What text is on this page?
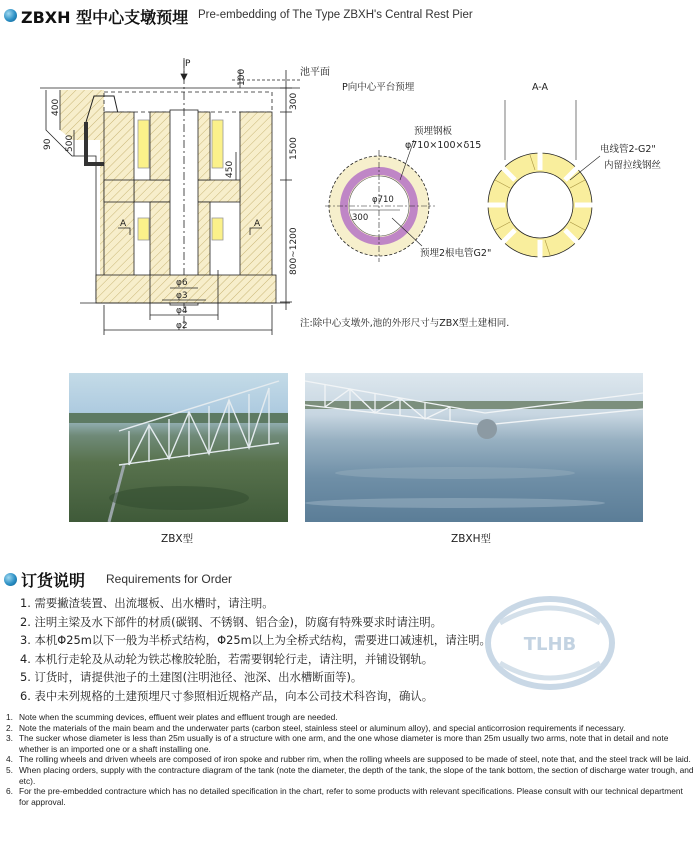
ZBXH 型中心支墩预埋 Pre-embedding of The Type ZBXH's Central Rest Pier
P
池平面
100
300
1500
450
800~1200
400
500
90
A	A
φ6
φ3
φ4
φ2
P向中心平台预埋
预埋钢板
φ710×100×δ15
φ710
300
预埋2根电管G2"
A-A
电线管2-G2"
内留拉线钢丝
注:除中心支墩外,池的外形尺寸与ZBX型土建相同.
ZBX型	ZBXH型
订货说明 Requirements for Order
TLHB
1. 需要撇渣装置、出流堰板、出水槽时，请注明。
2. 注明主梁及水下部件的材质(碳钢、不锈钢、铝合金)，防腐有特殊要求时请注明。
3. 本机Φ25m以下一般为半桥式结构，Φ25m以上为全桥式结构，需要进口减速机，请注明。
4. 本机行走轮及从动轮为铁芯橡胶轮胎，若需要钢轮行走，请注明，并铺设钢轨。
5. 订货时，请提供池子的土建图(注明池径、池深、出水槽断面等)。
6. 表中未列规格的土建预埋尺寸参照相近规格产品，向本公司技术科咨询，确认。
1. Note when the scumming devices, effluent weir plates and effluent trough are needed.
2. Note the materials of the main beam and the underwater parts (carbon steel, stainless steel or aluminum alloy), and special anticorrosion requirements if necessary.
3. The sucker whose diameter is less than 25m usually is of a structure with one arm, and the one whose diameter is more than 25m usually two arms, note that in detail and note whether is an imported one or a shaft installing one.
4. The rolling wheels and driven wheels are composed of iron spoke and rubber rim, when the rolling wheels are supposed to be made of steel, note that, and the steel track will be laid.
5. When placing orders, supply with the contracture diagram of the tank (note the diameter, the depth of the tank, the slope of the tank bottom, the section of discharge water trough, and etc).
6. For the pre-embedded contracture which has no detailed specification in the chart, refer to some products with relevant specifications. Please consult with our technical department for approval.
